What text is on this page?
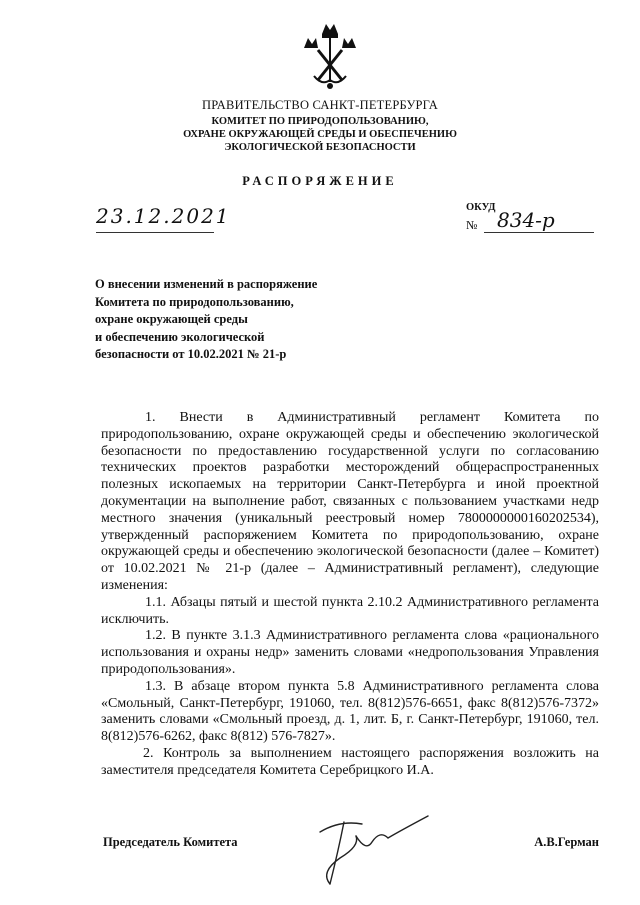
ПРАВИТЕЛЬСТВО САНКТ-ПЕТЕРБУРГА
КОМИТЕТ ПО ПРИРОДОПОЛЬЗОВАНИЮ,
ОХРАНЕ ОКРУЖАЮЩЕЙ СРЕДЫ И ОБЕСПЕЧЕНИЮ
ЭКОЛОГИЧЕСКОЙ БЕЗОПАСНОСТИ
РАСПОРЯЖЕНИЕ
23.12.2021	ОКУД
№ 834-р
О внесении изменений в распоряжение
Комитета по природопользованию,
охране окружающей среды
и обеспечению экологической
безопасности от 10.02.2021 № 21-р

1. Внести в Административный регламент Комитета по природопользованию, охране окружающей среды и обеспечению экологической безопасности по предоставлению государственной услуги по согласованию технических проектов разработки месторождений общераспространенных полезных ископаемых на территории Санкт-Петербурга и иной проектной документации на выполнение работ, связанных с пользованием участками недр местного значения (уникальный реестровый номер 7800000000160202534), утвержденный распоряжением Комитета по природопользованию, охране окружающей среды и обеспечению экологической безопасности (далее – Комитет) от 10.02.2021 № 21-р (далее – Административный регламент), следующие изменения:

1.1. Абзацы пятый и шестой пункта 2.10.2 Административного регламента исключить.

1.2. В пункте 3.1.3 Административного регламента слова «рационального использования и охраны недр» заменить словами «недропользования Управления природопользования».

1.3. В абзаце втором пункта 5.8 Административного регламента слова «Смольный, Санкт-Петербург, 191060, тел. 8(812)576-6651, факс 8(812)576-7372» заменить словами «Смольный проезд, д. 1, лит. Б, г. Санкт-Петербург, 191060, тел. 8(812)576-6262, факс 8(812) 576-7827».

2. Контроль за выполнением настоящего распоряжения возложить на заместителя председателя Комитета Серебрицкого И.А.

Председатель Комитета	А.В.Герман
